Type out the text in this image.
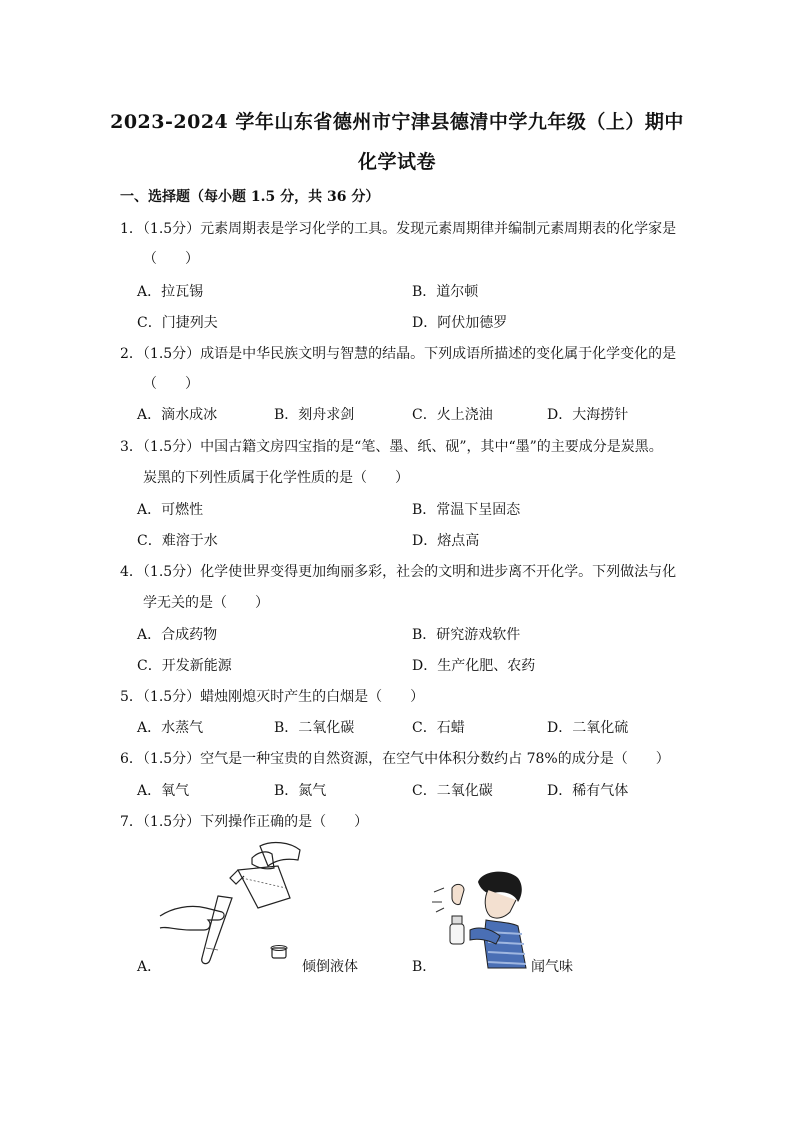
2023-2024 学年山东省德州市宁津县德清中学九年级（上）期中
化学试卷
一、选择题（每小题 1.5 分，共 36 分）
1．（1.5分）元素周期表是学习化学的工具。发现元素周期律并编制元素周期表的化学家是
（　　）
A．拉瓦锡	B．道尔顿
C．门捷列夫	D．阿伏加德罗
2．（1.5分）成语是中华民族文明与智慧的结晶。下列成语所描述的变化属于化学变化的是
（　　）
A．滴水成冰	B．刻舟求剑	C．火上浇油	D．大海捞针
3．（1.5分）中国古籍文房四宝指的是“笔、墨、纸、砚”，其中“墨”的主要成分是炭黑。
炭黑的下列性质属于化学性质的是（　　）
A．可燃性	B．常温下呈固态
C．难溶于水	D．熔点高
4．（1.5分）化学使世界变得更加绚丽多彩，社会的文明和进步离不开化学。下列做法与化
学无关的是（　　）
A．合成药物	B．研究游戏软件
C．开发新能源	D．生产化肥、农药
5．（1.5分）蜡烛刚熄灭时产生的白烟是（　　）
A．水蒸气	B．二氧化碳	C．石蜡	D．二氧化硫
6．（1.5分）空气是一种宝贵的自然资源，在空气中体积分数约占 78%的成分是（　　）
A．氧气	B．氮气	C．二氧化碳	D．稀有气体
7．（1.5分）下列操作正确的是（　　）
A．	倾倒液体	B．	闻气味
